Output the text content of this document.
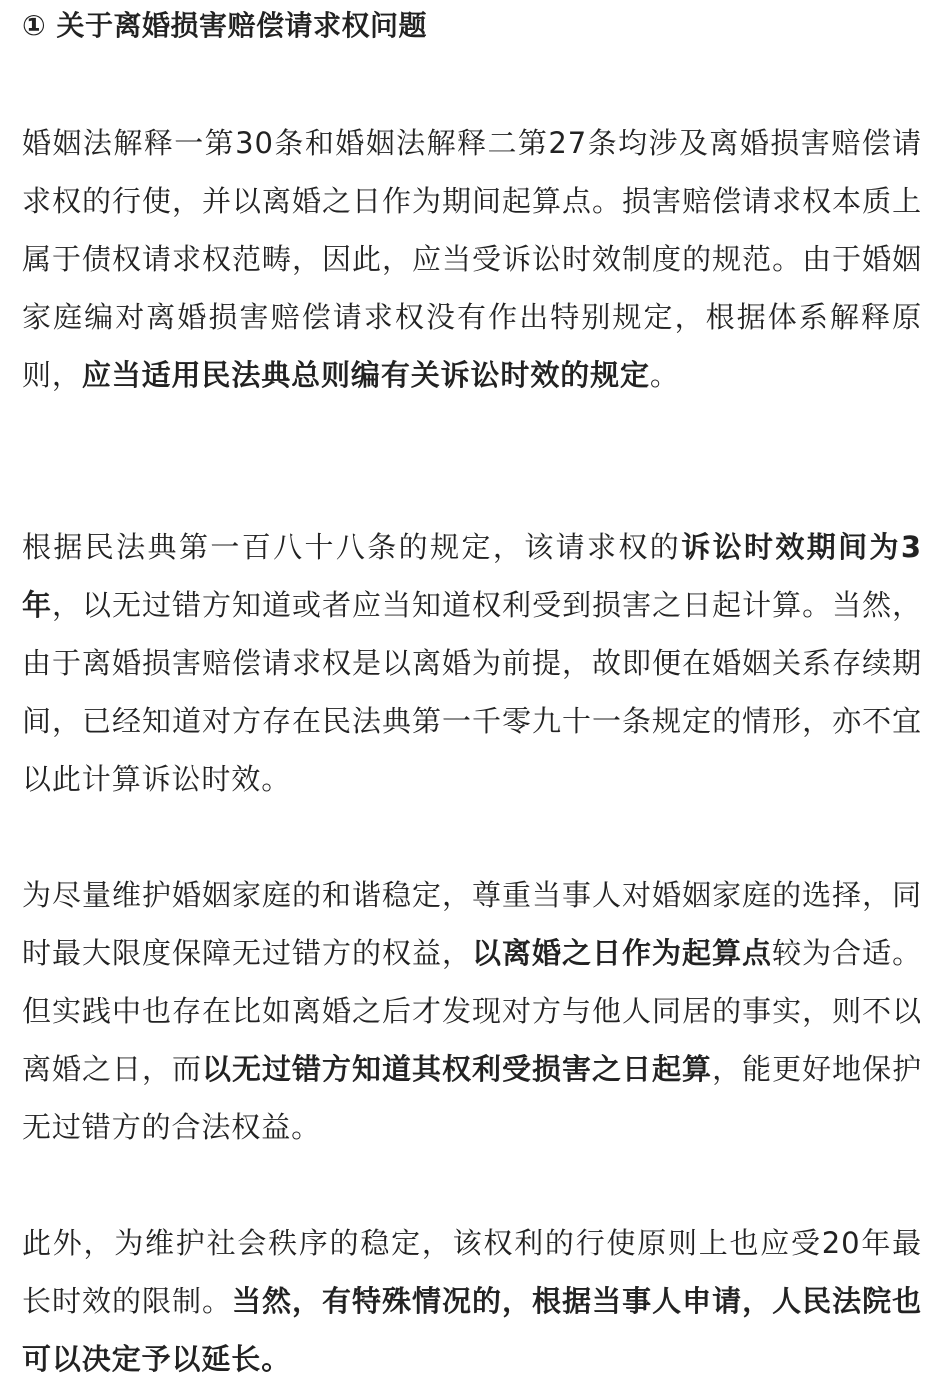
① 关于离婚损害赔偿请求权问题

婚姻法解释一第30条和婚姻法解释二第27条均涉及离婚损害赔偿请求权的行使，并以离婚之日作为期间起算点。损害赔偿请求权本质上属于债权请求权范畴，因此，应当受诉讼时效制度的规范。由于婚姻家庭编对离婚损害赔偿请求权没有作出特别规定，根据体系解释原则，应当适用民法典总则编有关诉讼时效的规定。

根据民法典第一百八十八条的规定，该请求权的诉讼时效期间为3年，以无过错方知道或者应当知道权利受到损害之日起计算。当然，由于离婚损害赔偿请求权是以离婚为前提，故即便在婚姻关系存续期间，已经知道对方存在民法典第一千零九十一条规定的情形，亦不宜以此计算诉讼时效。

为尽量维护婚姻家庭的和谐稳定，尊重当事人对婚姻家庭的选择，同时最大限度保障无过错方的权益，以离婚之日作为起算点较为合适。但实践中也存在比如离婚之后才发现对方与他人同居的事实，则不以离婚之日，而以无过错方知道其权利受损害之日起算，能更好地保护无过错方的合法权益。

此外，为维护社会秩序的稳定，该权利的行使原则上也应受20年最长时效的限制。当然，有特殊情况的，根据当事人申请，人民法院也可以决定予以延长。
